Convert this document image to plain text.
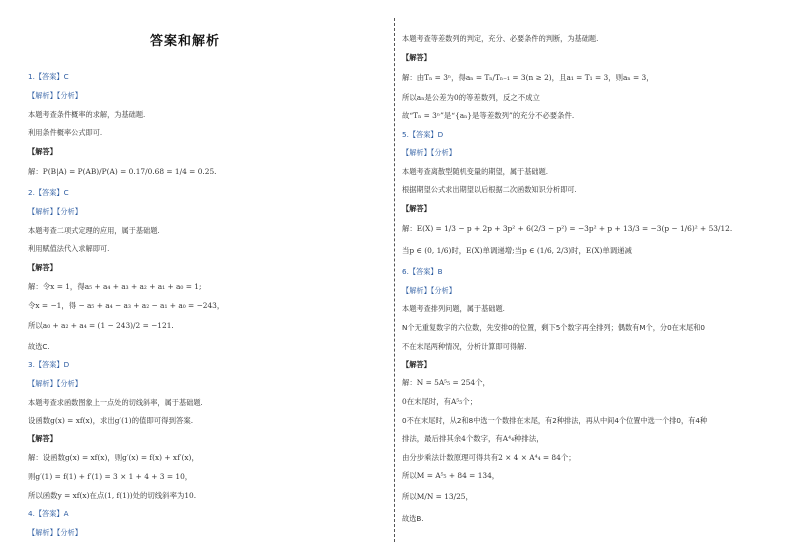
答案和解析
1.【答案】C
【解析】【分析】
本题考查条件概率的求解，为基础题.
利用条件概率公式即可.
【解答】
解：P(B|A) = P(AB)/P(A) = 0.17/0.68 = 1/4 = 0.25.
2.【答案】C
【解析】【分析】
本题考查二项式定理的应用，属于基础题.
利用赋值法代入求解即可.
【解答】
解：令x = 1，得a₅ + a₄ + a₃ + a₂ + a₁ + a₀ = 1;
令x = −1，得 − a₅ + a₄ − a₃ + a₂ − a₁ + a₀ = −243，
所以a₀ + a₂ + a₄ = (1 − 243)/2 = −121.
故选C.
3.【答案】D
【解析】【分析】
本题考查求函数图象上一点处的切线斜率，属于基础题.
设函数g(x) = xf(x)，求出g′(1)的值即可得到答案.
【解答】
解：设函数g(x) = xf(x)，则g′(x) = f(x) + xf′(x)，
则g′(1) = f(1) + f′(1) = 3 × 1 + 4 + 3 = 10，
所以函数y = xf(x)在点(1, f(1))处的切线斜率为10.
4.【答案】A
【解析】【分析】
本题考查等差数列的判定，充分、必要条件的判断，为基础题.
【解答】
解：由Tₙ = 3ⁿ，得aₙ = Tₙ/Tₙ₋₁ = 3(n ≥ 2)，且a₁ = T₁ = 3，则aₙ = 3，
所以aₙ是公差为0的等差数列，反之不成立
故“Tₙ = 3ⁿ”是“{aₙ}是等差数列”的充分不必要条件.
5.【答案】D
【解析】【分析】
本题考查离散型随机变量的期望，属于基础题.
根据期望公式求出期望以后根据二次函数知识分析即可.
【解答】
解：E(X) = 1/3 − p + 2p + 3p² + 6(2/3 − p²) = −3p² + p + 13/3 = −3(p − 1/6)² + 53/12.
当p ∈ (0, 1/6)时，E(X)单调递增;当p ∈ (1/6, 2/3)时，E(X)单调递减
6.【答案】B
【解析】【分析】
本题考查排列问题，属于基础题.
N个无重复数字的六位数，先安排0的位置，剩下5个数字再全排列；偶数有M个，分0在末尾和0
不在末尾两种情况，分析计算即可得解.
【解答】
解：N = 5A⁵₅ = 254个，
0在末尾时，有A⁵₅个；
0不在末尾时，从2和8中选一个数排在末尾，有2种排法，再从中间4个位置中选一个排0，有4种
排法，最后排其余4个数字，有A⁴₄种排法，
由分步乘法计数原理可得共有2 × 4 × A⁴₄ = 84个；
所以M = A⁵₅ + 84 = 134，
所以M/N = 13/25，
故选B.
